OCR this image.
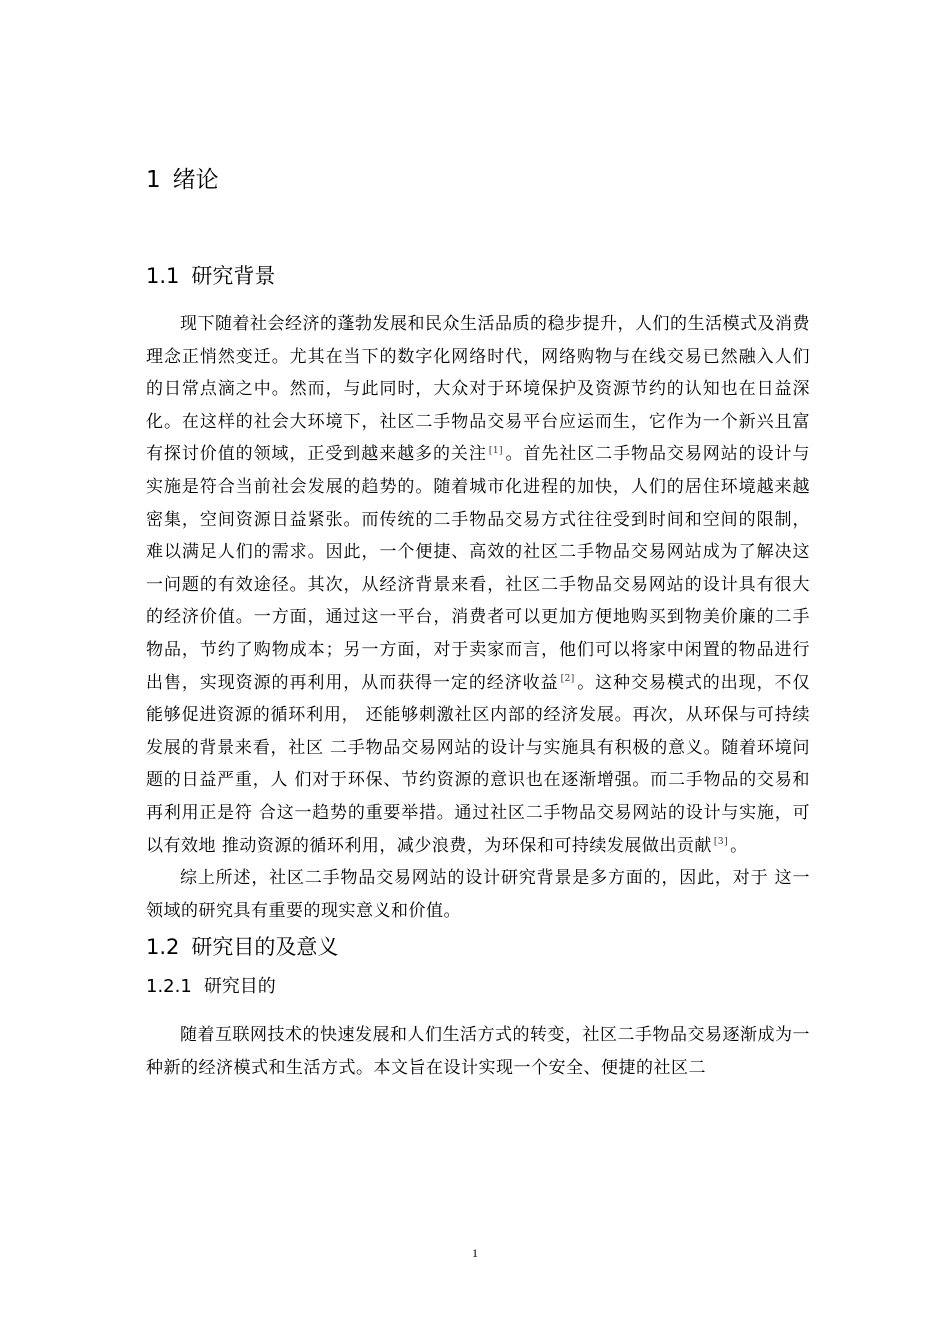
1 绪论
1.1 研究背景

现下随着社会经济的蓬勃发展和民众生活品质的稳步提升，人们的生活模式及消费理念正悄然变迁。尤其在当下的数字化网络时代，网络购物与在线交易已然融入人们的日常点滴之中。然而，与此同时，大众对于环境保护及资源节约的认知也在日益深化。在这样的社会大环境下，社区二手物品交易平台应运而生，它作为一个新兴且富有探讨价值的领域，正受到越来越多的关注 [1] 。首先社区二手物品交易网站的设计与实施是符合当前社会发展的趋势的。随着城市化进程的加快，人们的居住环境越来越密集，空间资源日益紧张。而传统的二手物品交易方式往往受到时间和空间的限制，难以满足人们的需求。因此，一个便捷、高效的社区二手物品交易网站成为了解决这一问题的有效途径。其次，从经济背景来看，社区二手物品交易网站的设计具有很大的经济价值。一方面，通过这一平台，消费者可以更加方便地购买到物美价廉的二手物品，节约了购物成本；另一方面，对于卖家而言，他们可以将家中闲置的物品进行出售，实现资源的再利用，从而获得一定的经济收益 [2] 。这种交易模式的出现，不仅能够促进资源的循环利用， 还能够刺激社区内部的经济发展。再次，从环保与可持续发展的背景来看，社区 二手物品交易网站的设计与实施具有积极的意义。随着环境问题的日益严重，人 们对于环保、节约资源的意识也在逐渐增强。而二手物品的交易和再利用正是符 合这一趋势的重要举措。通过社区二手物品交易网站的设计与实施，可以有效地 推动资源的循环利用，减少浪费，为环保和可持续发展做出贡献 [3] 。

综上所述，社区二手物品交易网站的设计研究背景是多方面的，因此，对于 这一领域的研究具有重要的现实意义和价值。

1.2 研究目的及意义
1.2.1 研究目的

随着互联网技术的快速发展和人们生活方式的转变，社区二手物品交易逐渐成为一种新的经济模式和生活方式。本文旨在设计实现一个安全、便捷的社区二

1
